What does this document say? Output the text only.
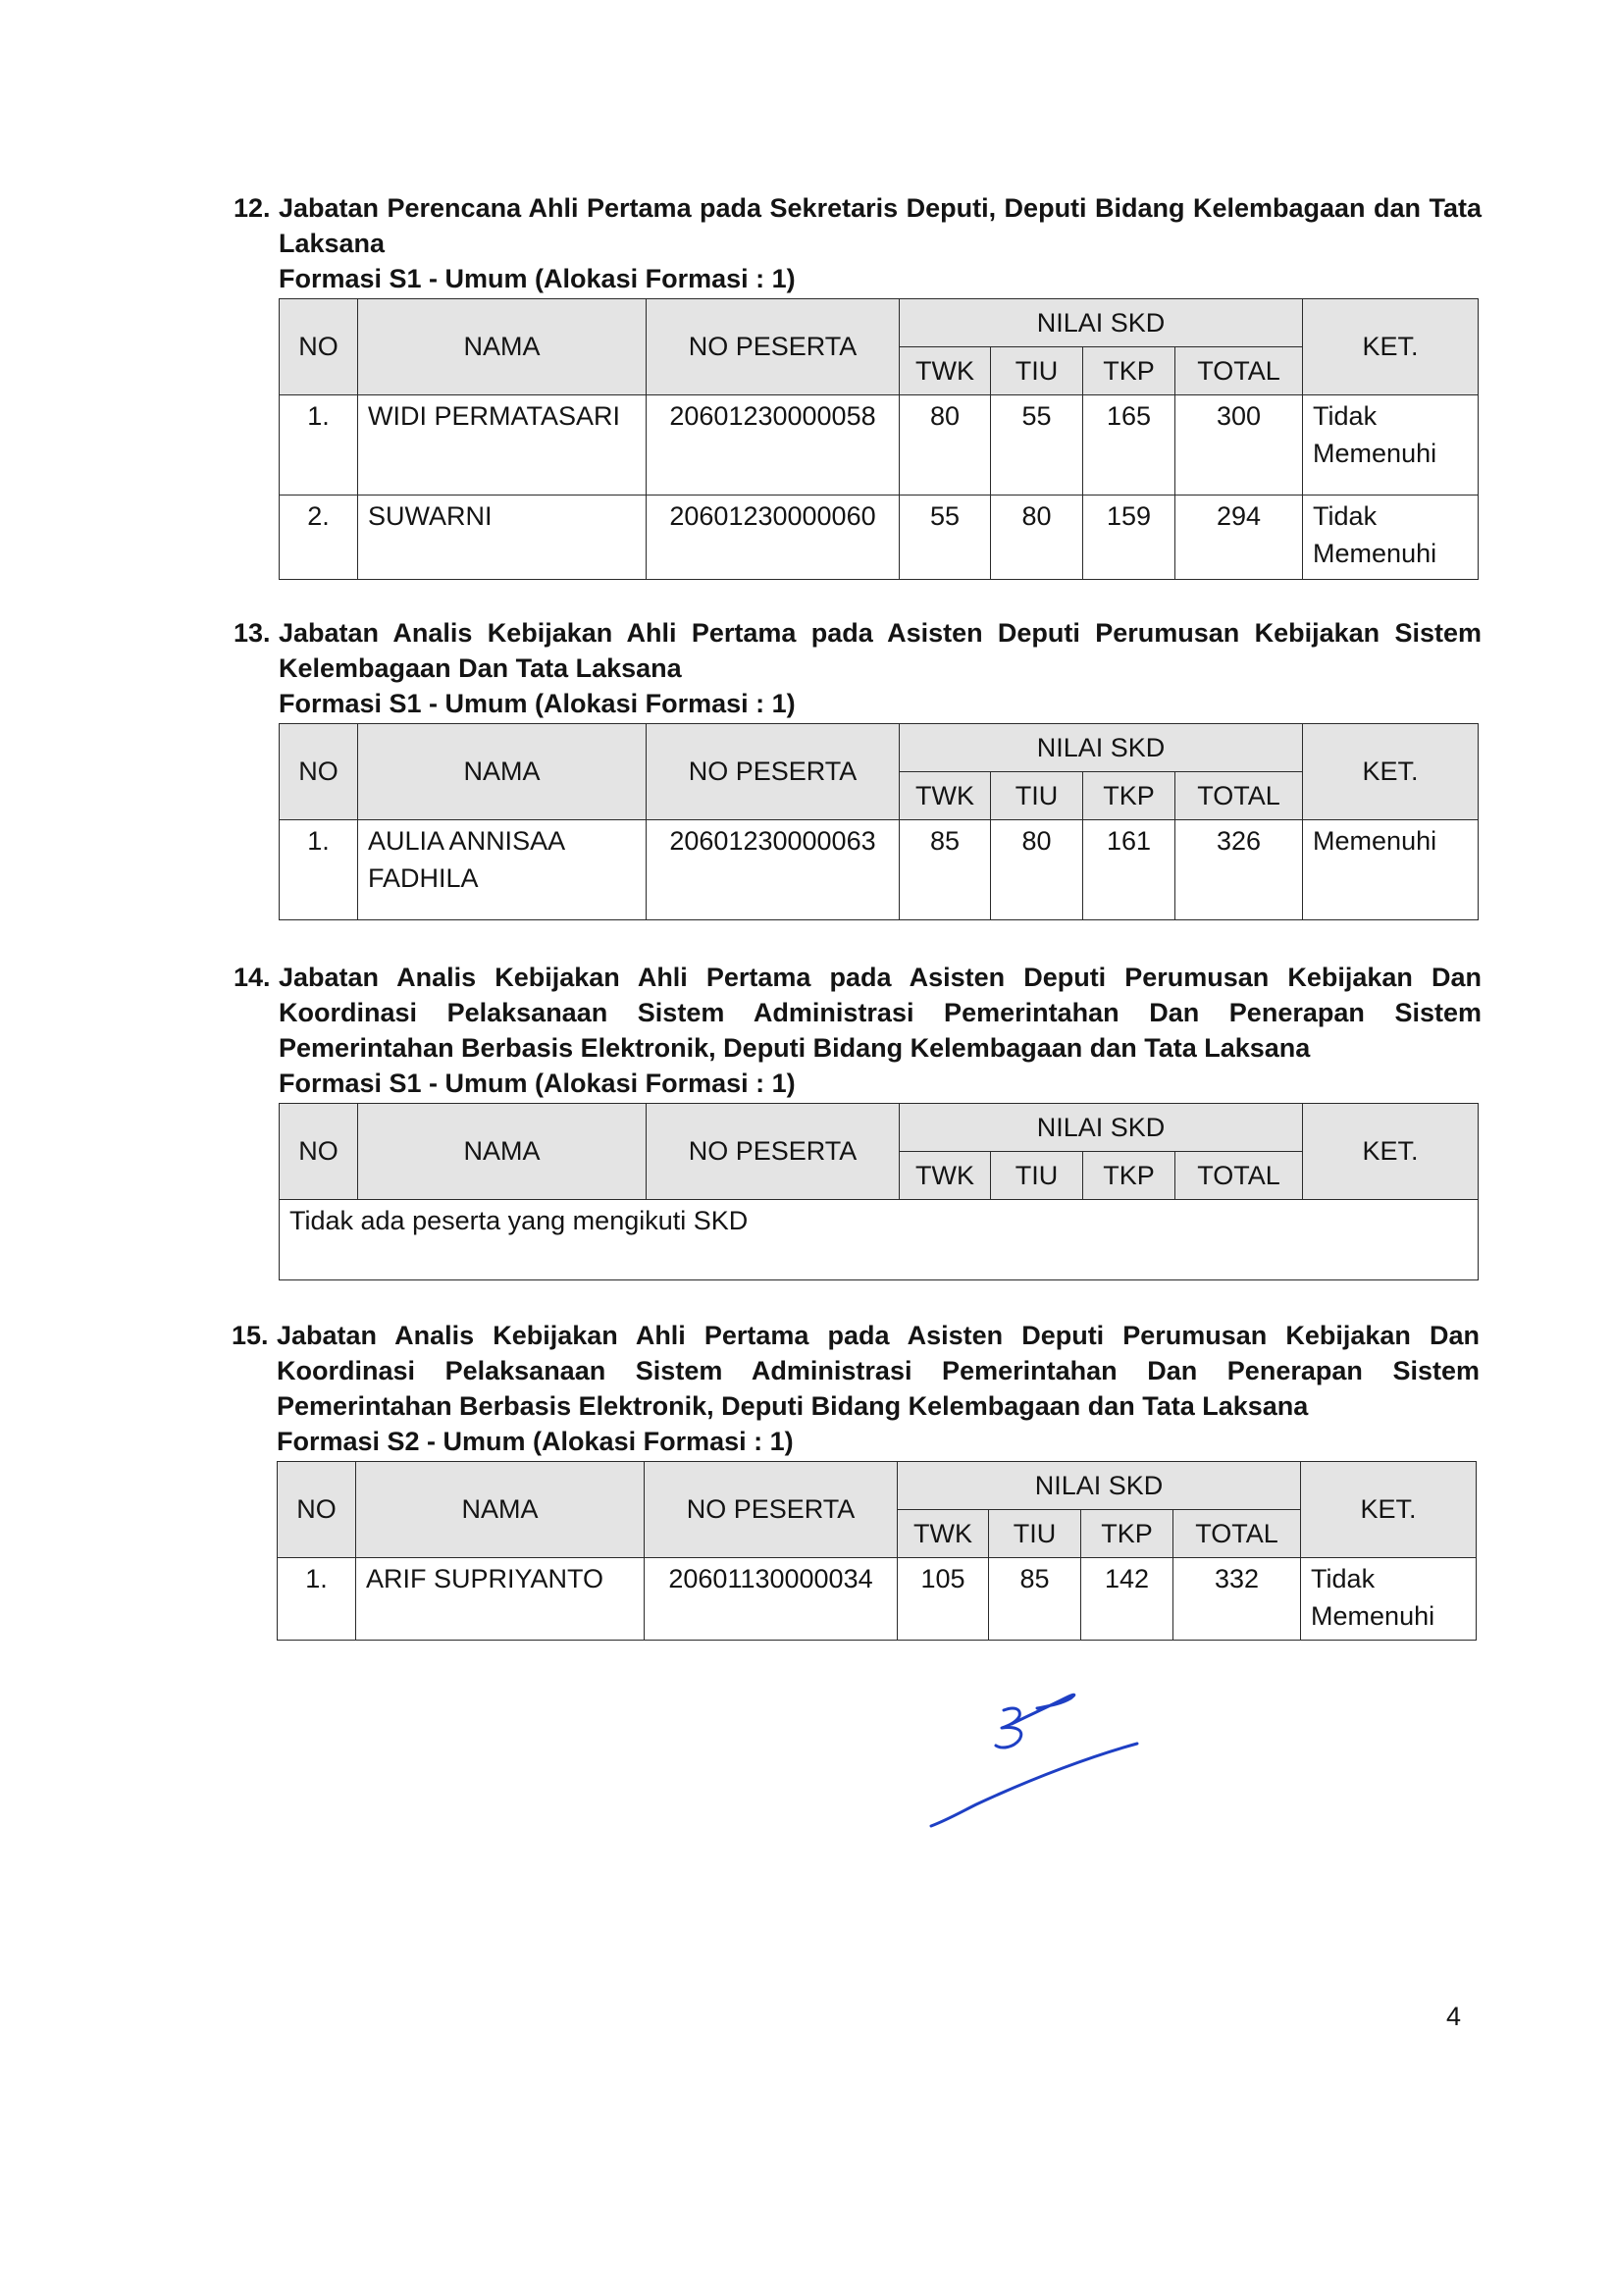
12. Jabatan Perencana Ahli Pertama pada Sekretaris Deputi, Deputi Bidang Kelembagaan dan Tata Laksana
Formasi S1 - Umum (Alokasi Formasi : 1)
NO	NAMA	NO PESERTA	NILAI SKD				KET.
			TWK	TIU	TKP	TOTAL	
1.	WIDI PERMATASARI	20601230000058	80	55	165	300	Tidak Memenuhi
2.	SUWARNI	20601230000060	55	80	159	294	Tidak Memenuhi
13. Jabatan Analis Kebijakan Ahli Pertama pada Asisten Deputi Perumusan Kebijakan Sistem Kelembagaan Dan Tata Laksana
Formasi S1 - Umum (Alokasi Formasi : 1)
NO	NAMA	NO PESERTA	NILAI SKD				KET.
			TWK	TIU	TKP	TOTAL	
1.	AULIA ANNISAA FADHILA	20601230000063	85	80	161	326	Memenuhi
14. Jabatan Analis Kebijakan Ahli Pertama pada Asisten Deputi Perumusan Kebijakan Dan Koordinasi Pelaksanaan Sistem Administrasi Pemerintahan Dan Penerapan Sistem Pemerintahan Berbasis Elektronik, Deputi Bidang Kelembagaan dan Tata Laksana
Formasi S1 - Umum (Alokasi Formasi : 1)
NO	NAMA	NO PESERTA	NILAI SKD				KET.
			TWK	TIU	TKP	TOTAL	
Tidak ada peserta yang mengikuti SKD							
15. Jabatan Analis Kebijakan Ahli Pertama pada Asisten Deputi Perumusan Kebijakan Dan Koordinasi Pelaksanaan Sistem Administrasi Pemerintahan Dan Penerapan Sistem Pemerintahan Berbasis Elektronik, Deputi Bidang Kelembagaan dan Tata Laksana
Formasi S2 - Umum (Alokasi Formasi : 1)
NO	NAMA	NO PESERTA	NILAI SKD				KET.
			TWK	TIU	TKP	TOTAL	
1.	ARIF SUPRIYANTO	20601130000034	105	85	142	332	Tidak Memenuhi
4
